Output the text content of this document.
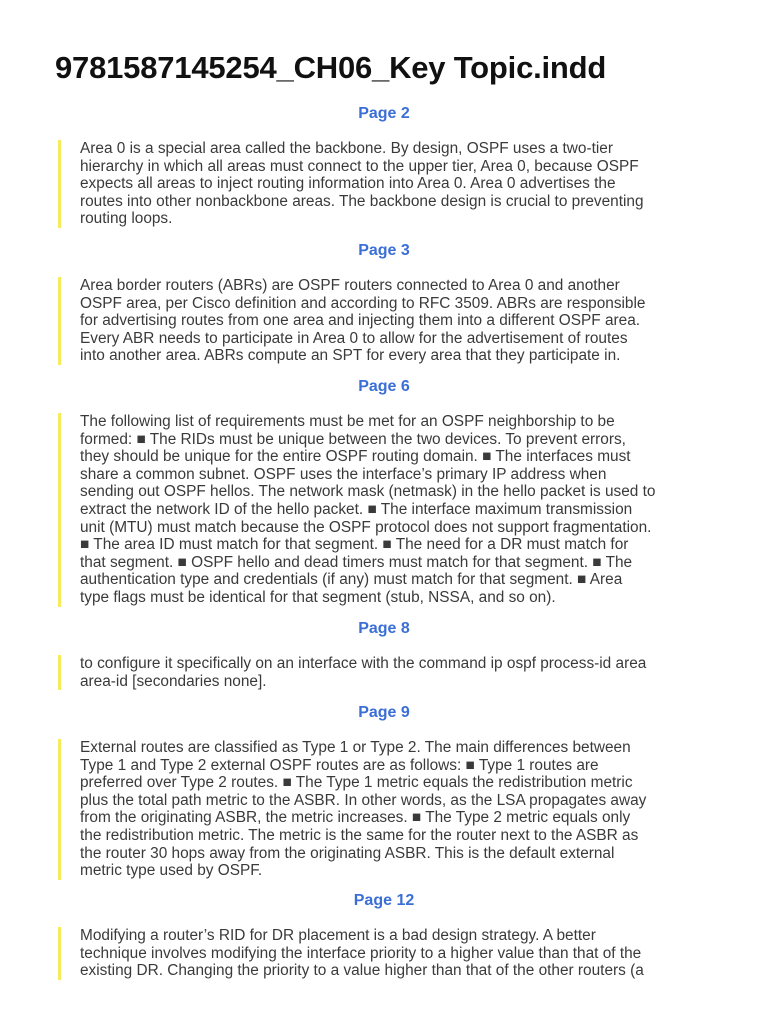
9781587145254_CH06_Key Topic.indd
Page 2
Area 0 is a special area called the backbone. By design, OSPF uses a two-tier
hierarchy in which all areas must connect to the upper tier, Area 0, because OSPF
expects all areas to inject routing information into Area 0. Area 0 advertises the
routes into other nonbackbone areas. The backbone design is crucial to preventing
routing loops.
Page 3
Area border routers (ABRs) are OSPF routers connected to Area 0 and another
OSPF area, per Cisco definition and according to RFC 3509. ABRs are responsible
for advertising routes from one area and injecting them into a different OSPF area.
Every ABR needs to participate in Area 0 to allow for the advertisement of routes
into another area. ABRs compute an SPT for every area that they participate in.
Page 6
The following list of requirements must be met for an OSPF neighborship to be
formed: ■ The RIDs must be unique between the two devices. To prevent errors,
they should be unique for the entire OSPF routing domain. ■ The interfaces must
share a common subnet. OSPF uses the interface’s primary IP address when
sending out OSPF hellos. The network mask (netmask) in the hello packet is used to
extract the network ID of the hello packet. ■ The interface maximum transmission
unit (MTU) must match because the OSPF protocol does not support fragmentation.
■ The area ID must match for that segment. ■ The need for a DR must match for
that segment. ■ OSPF hello and dead timers must match for that segment. ■ The
authentication type and credentials (if any) must match for that segment. ■ Area
type flags must be identical for that segment (stub, NSSA, and so on).
Page 8
to configure it specifically on an interface with the command ip ospf process-id area
area-id [secondaries none].
Page 9
External routes are classified as Type 1 or Type 2. The main differences between
Type 1 and Type 2 external OSPF routes are as follows: ■ Type 1 routes are
preferred over Type 2 routes. ■ The Type 1 metric equals the redistribution metric
plus the total path metric to the ASBR. In other words, as the LSA propagates away
from the originating ASBR, the metric increases. ■ The Type 2 metric equals only
the redistribution metric. The metric is the same for the router next to the ASBR as
the router 30 hops away from the originating ASBR. This is the default external
metric type used by OSPF.
Page 12
Modifying a router’s RID for DR placement is a bad design strategy. A better
technique involves modifying the interface priority to a higher value than that of the
existing DR. Changing the priority to a value higher than that of the other routers (a
